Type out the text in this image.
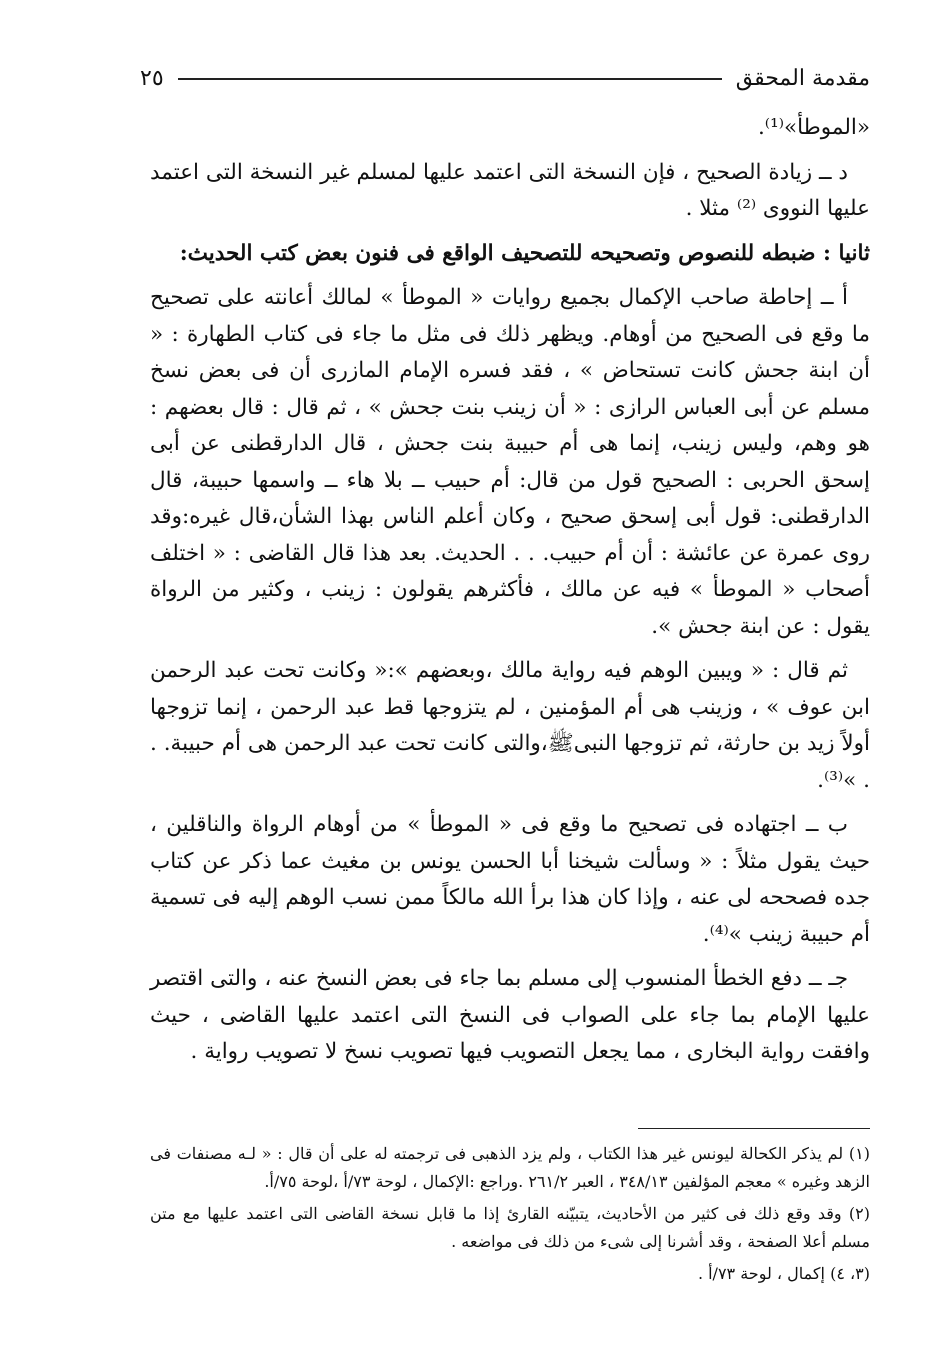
مقدمة المحقق
٢٥

«الموطأ»⁽¹⁾.

د ــ زيادة الصحيح ، فإن النسخة التى اعتمد عليها لمسلم غير النسخة التى اعتمد عليها النووى ⁽²⁾ مثلا .

ثانيا : ضبطه للنصوص وتصحيحه للتصحيف الواقع فى فنون بعض كتب الحديث:

أ ــ إحاطة صاحب الإكمال بجميع روايات « الموطأ » لمالك أعانته على تصحيح ما وقع فى الصحيح من أوهام. ويظهر ذلك فى مثل ما جاء فى كتاب الطهارة : « أن ابنة جحش كانت تستحاض » ، فقد فسره الإمام المازرى أن فى بعض نسخ مسلم عن أبى العباس الرازى : « أن زينب بنت جحش » ، ثم قال : قال بعضهم : هو وهم، وليس زينب، إنما هى أم حبيبة بنت جحش ، قال الدارقطنى عن أبى إسحق الحربى : الصحيح قول من قال: أم حبيب ــ بلا هاء ــ واسمها حبيبة، قال الدارقطنى: قول أبى إسحق صحيح ، وكان أعلم الناس بهذا الشأن،قال غيره:وقد روى عمرة عن عائشة : أن أم حبيب. . . الحديث. بعد هذا قال القاضى : « اختلف أصحاب « الموطأ » فيه عن مالك ، فأكثرهم يقولون : زينب ، وكثير من الرواة يقول : عن ابنة جحش ».

ثم قال : « ويبين الوهم فيه رواية مالك ،وبعضهم »:« وكانت تحت عبد الرحمن ابن عوف » ، وزينب هى أم المؤمنين ، لم يتزوجها قط عبد الرحمن ، إنما تزوجها أولاً زيد بن حارثة، ثم تزوجها النبىﷺ،والتى كانت تحت عبد الرحمن هى أم حبيبة. . . »⁽³⁾.

ب ــ اجتهاده فى تصحيح ما وقع فى « الموطأ » من أوهام الرواة والناقلين ، حيث يقول مثلاً : « وسألت شيخنا أبا الحسن يونس بن مغيث عما ذكر عن كتاب جده فصححه لى عنه ، وإذا كان هذا برأ الله مالكاً ممن نسب الوهم إليه فى تسمية أم حبيبة زينب »⁽⁴⁾.

جـ ــ دفع الخطأ المنسوب إلى مسلم بما جاء فى بعض النسخ عنه ، والتى اقتصر عليها الإمام بما جاء على الصواب فى النسخ التى اعتمد عليها القاضى ، حيث وافقت رواية البخارى ، مما يجعل التصويب فيها تصويب نسخ لا تصويب رواية .

(١) لم يذكر الكحالة ليونس غير هذا الكتاب ، ولم يزد الذهبى فى ترجمته له على أن قال : « لـه مصنفات فى الزهد وغيره » معجم المؤلفين ٣٤٨/١٣ ، العبر ٢٦١/٢ .وراجع :الإكمال ، لوحة ٧٣/أ ،لوحة ٧٥/أ.

(٢) وقد وقع ذلك فى كثير من الأحاديث، يتبيّنه القارئ إذا ما قابل نسخة القاضى التى اعتمد عليها مع متن مسلم أعلا الصفحة ، وقد أشرنا إلى شىء من ذلك فى مواضعه .

(٣، ٤) إكمال ، لوحة ٧٣/أ .
